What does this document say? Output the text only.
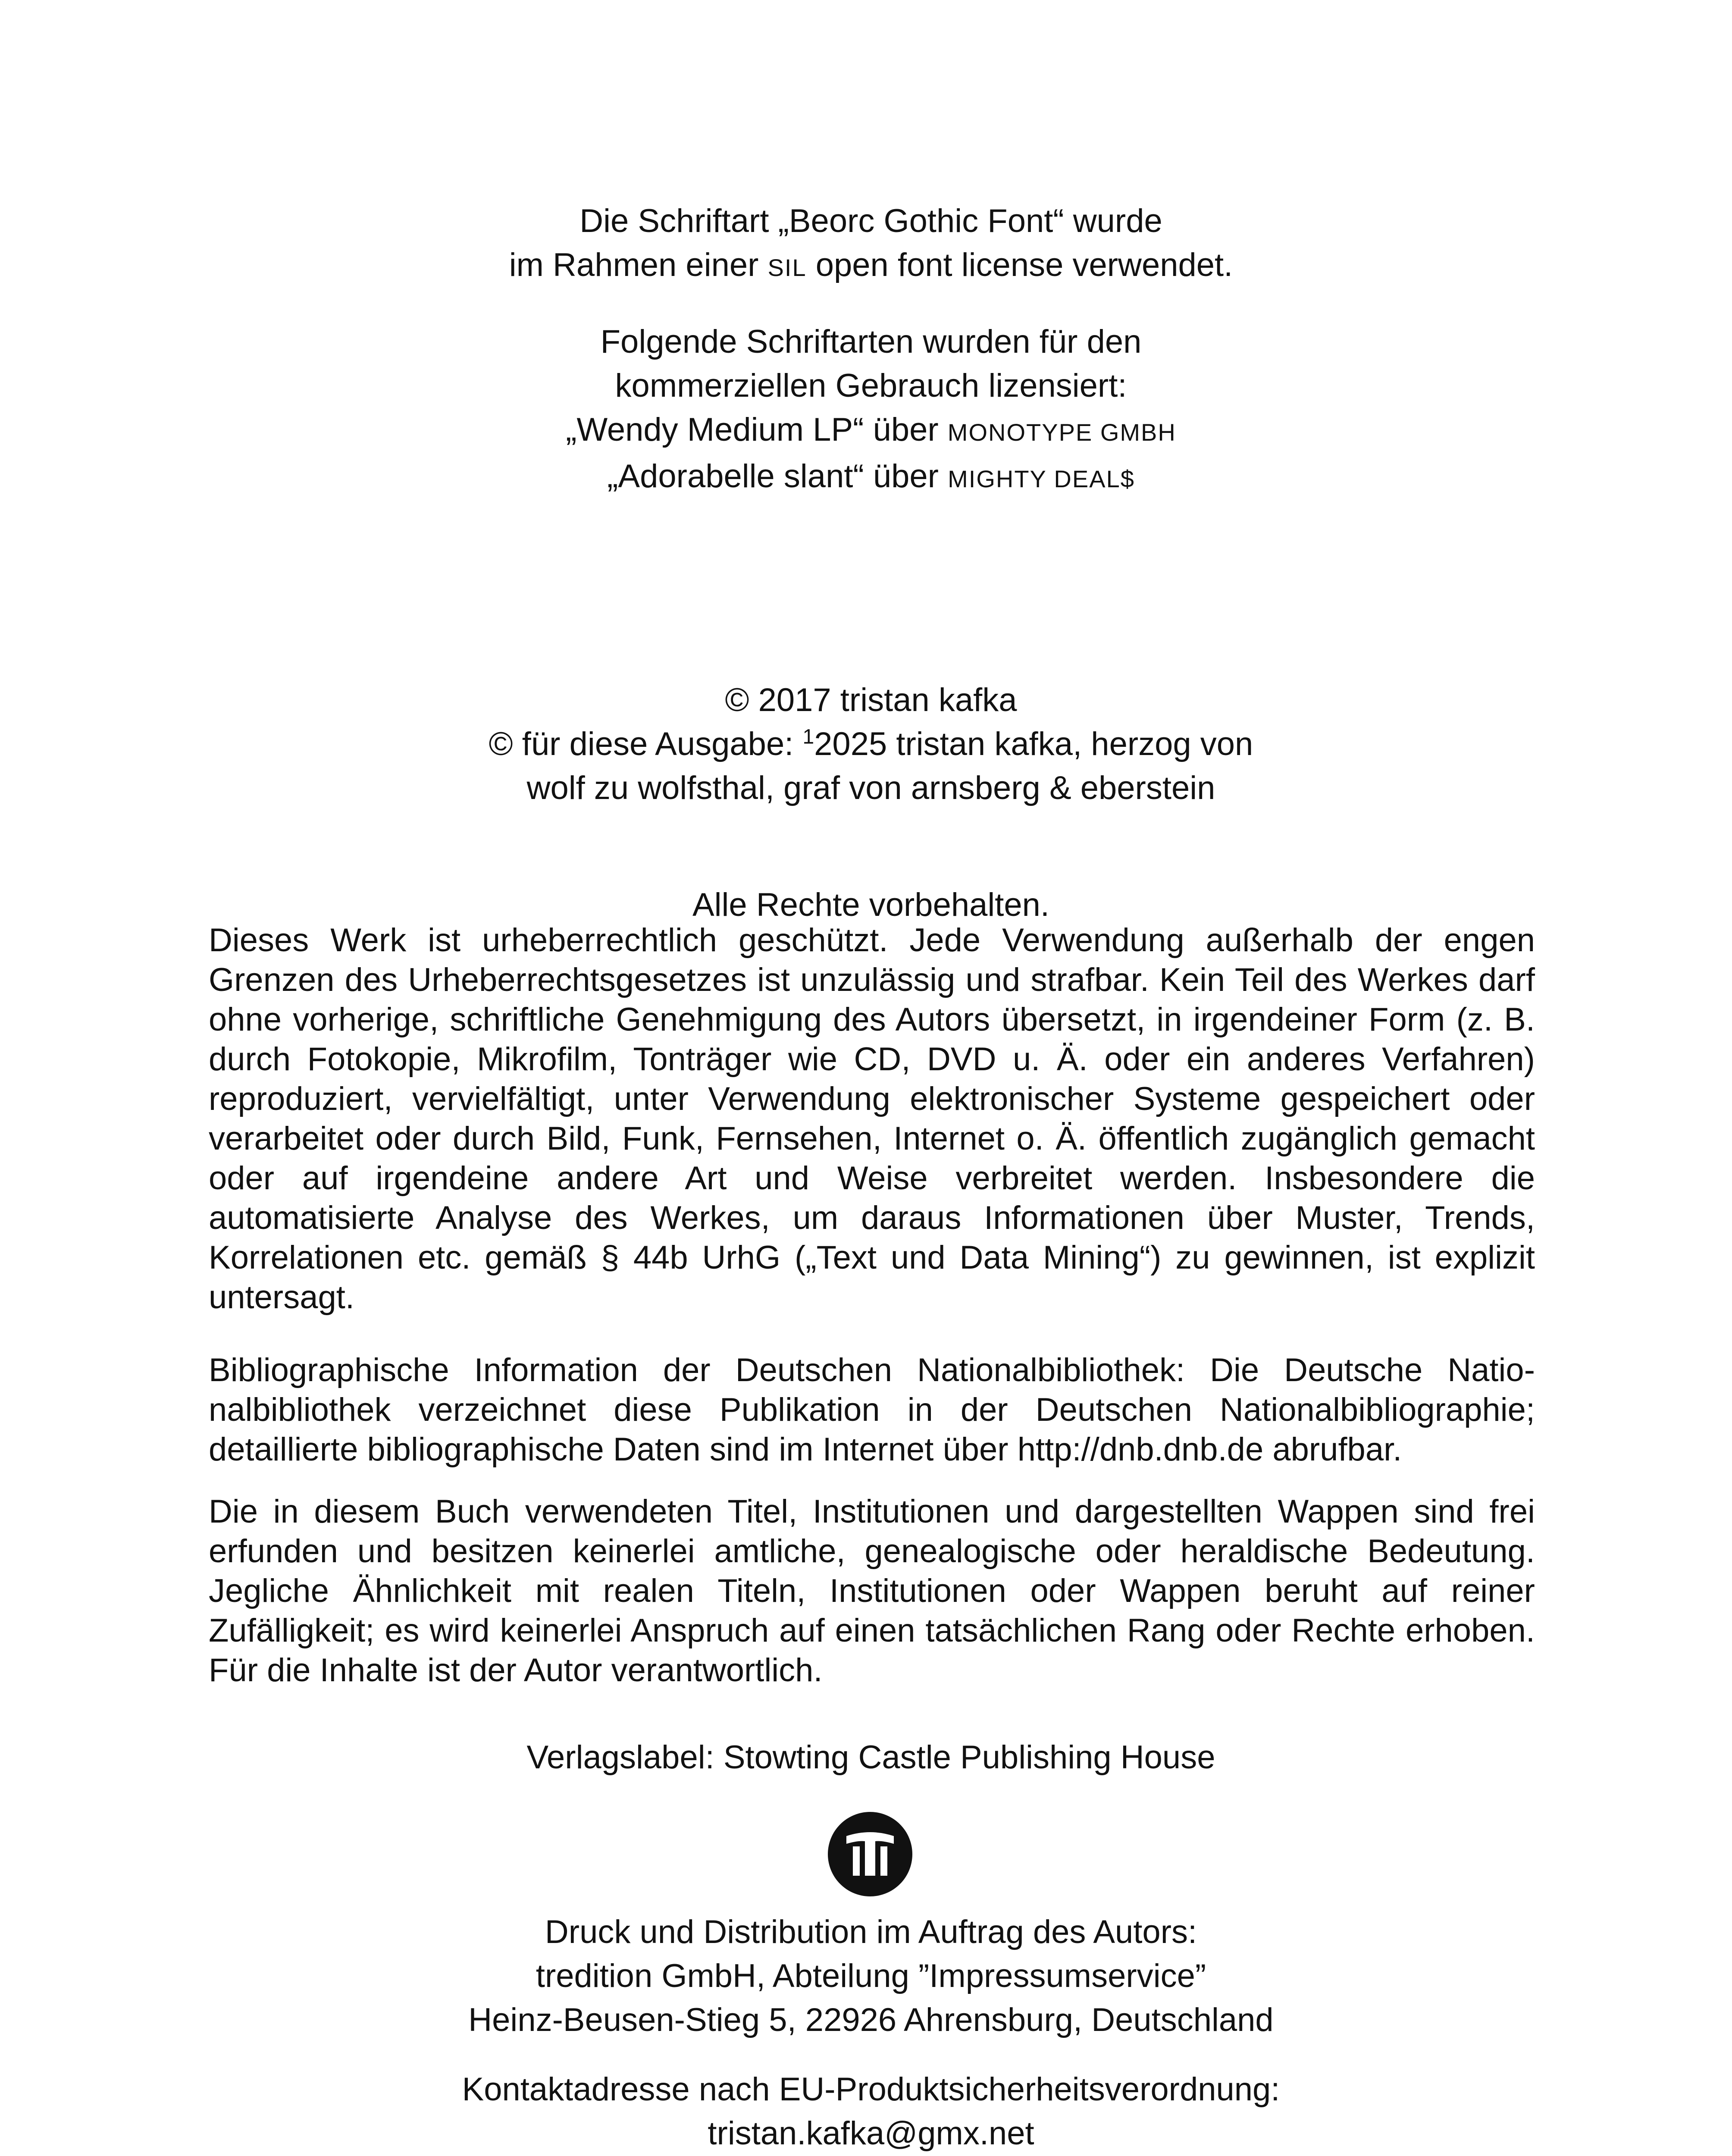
Die Schriftart „Beorc Gothic Font“ wurde
im Rahmen einer SIL open font license verwendet.
Folgende Schriftarten wurden für den
kommerziellen Gebrauch lizensiert:
„Wendy Medium LP“ über MONOTYPE GMBH
„Adorabelle slant“ über MIGHTY DEAL$
© 2017 tristan kafka
© für diese Ausgabe: $^1$2025 tristan kafka, herzog von
wolf zu wolfsthal, graf von arnsberg & eberstein
Alle Rechte vorbehalten.
Dieses Werk ist urheberrechtlich geschützt. Jede Verwendung außerhalb der engen Grenzen des Urheberrechtsgesetzes ist unzulässig und strafbar. Kein Teil des Werkes darf ohne vorherige, schriftliche Genehmigung des Autors übersetzt, in irgendeiner Form (z. B. durch Fotokopie, Mikrofilm, Tonträger wie CD, DVD u. Ä. oder ein anderes Verfahren) reproduziert, vervielfältigt, unter Verwendung elektronischer Systeme gespeichert oder verarbeitet oder durch Bild, Funk, Fernsehen, Internet o. Ä. öffentlich zugänglich gemacht oder auf irgendeine andere Art und Weise verbreitet werden. Insbesondere die automatisierte Analyse des Werkes, um daraus Informationen über Muster, Trends, Korrelationen etc. gemäß § 44b UrhG („Text und Data Mining“) zu gewinnen, ist explizit untersagt.
Bibliographische Information der Deutschen Nationalbibliothek: Die Deutsche Nationalbibliothek verzeichnet diese Publikation in der Deutschen Nationalbibliographie; detaillierte bibliographische Daten sind im Internet über http://dnb.dnb.de abrufbar.
Die in diesem Buch verwendeten Titel, Institutionen und dargestellten Wappen sind frei erfunden und besitzen keinerlei amtliche, genealogische oder heraldische Bedeutung. Jegliche Ähnlichkeit mit realen Titeln, Institutionen oder Wappen beruht auf reiner Zufälligkeit; es wird keinerlei Anspruch auf einen tatsächlichen Rang oder Rechte erhoben. Für die Inhalte ist der Autor verantwortlich.
Verlagslabel: Stowting Castle Publishing House
Druck und Distribution im Auftrag des Autors:
tredition GmbH, Abteilung ”Impressumservice”
Heinz-Beusen-Stieg 5, 22926 Ahrensburg, Deutschland
Kontaktadresse nach EU-Produktsicherheitsverordnung:
tristan.kafka@gmx.net
